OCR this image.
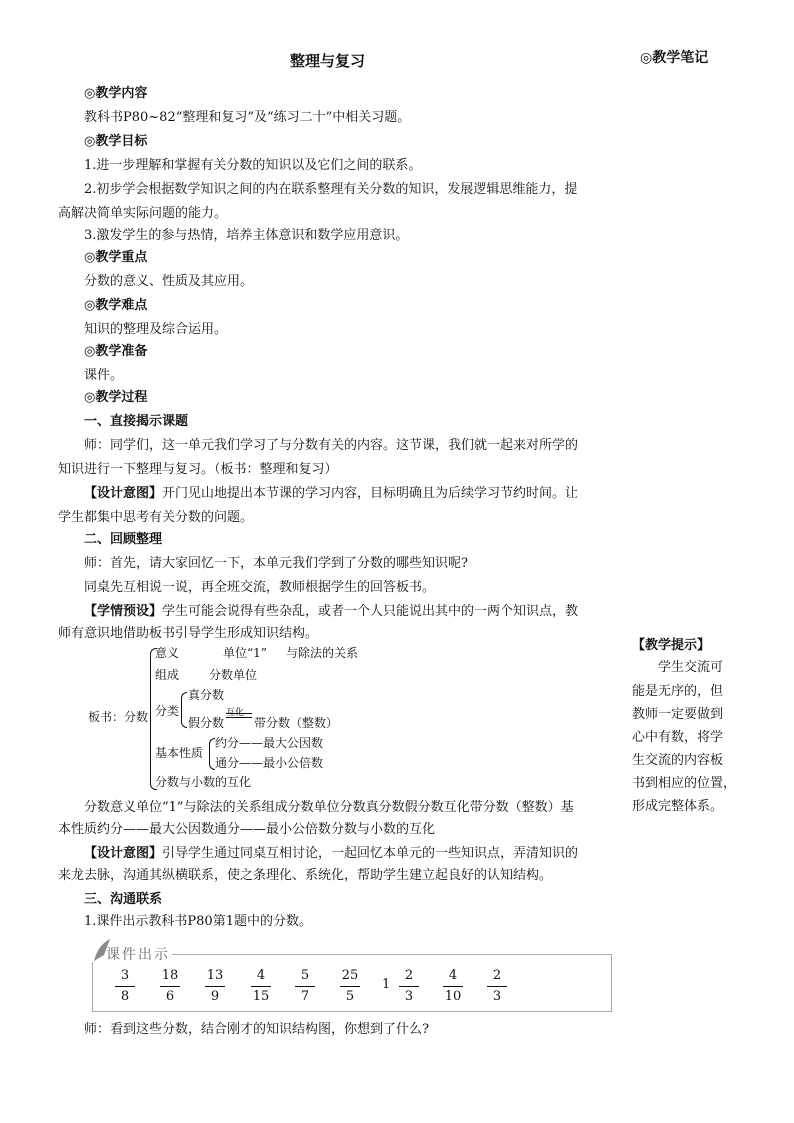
整理与复习	◎教学笔记
◎教学内容
教科书P80~82“整理和复习”及“练习二十”中相关习题。
◎教学目标
1.进一步理解和掌握有关分数的知识以及它们之间的联系。
2.初步学会根据数学知识之间的内在联系整理有关分数的知识，发展逻辑思维能力，提
高解决简单实际问题的能力。
3.激发学生的参与热情，培养主体意识和数学应用意识。
◎教学重点
分数的意义、性质及其应用。
◎教学难点
知识的整理及综合运用。
◎教学准备
课件。
◎教学过程
一、直接揭示课题
师：同学们，这一单元我们学习了与分数有关的内容。这节课，我们就一起来对所学的
知识进行一下整理与复习。（板书：整理和复习）
【设计意图】开门见山地提出本节课的学习内容，目标明确且为后续学习节约时间。让
学生都集中思考有关分数的问题。
二、回顾整理
师：首先，请大家回忆一下，本单元我们学到了分数的哪些知识呢?
同桌先互相说一说，再全班交流，教师根据学生的回答板书。
【学情预设】学生可能会说得有些杂乱，或者一个人只能说出其中的一两个知识点，教
师有意识地借助板书引导学生形成知识结构。
板书：分数
意义	单位“1” 与除法的关系
组成 分数单位
分类
真分数
假分数
互化
带分数（整数）
基本性质
约分——最大公因数
通分——最小公倍数
分数与小数的互化
分数意义单位“1”与除法的关系组成分数单位分数真分数假分数互化带分数（整数）基
本性质约分——最大公因数通分——最小公倍数分数与小数的互化
【设计意图】引导学生通过同桌互相讨论，一起回忆本单元的一些知识点，弄清知识的
来龙去脉，沟通其纵横联系，使之条理化、系统化，帮助学生建立起良好的认知结构。
三、沟通联系
1.课件出示教科书P80第1题中的分数。
课件出示
3
8
18
6
13
9
4
15
5
7
25
5
1
2
3
4
10
2
3
师：看到这些分数，结合刚才的知识结构图，你想到了什么?
【教学提示】
学生交流可
能是无序的，但
教师一定要做到
心中有数，将学
生交流的内容板
书到相应的位置，
形成完整体系。
